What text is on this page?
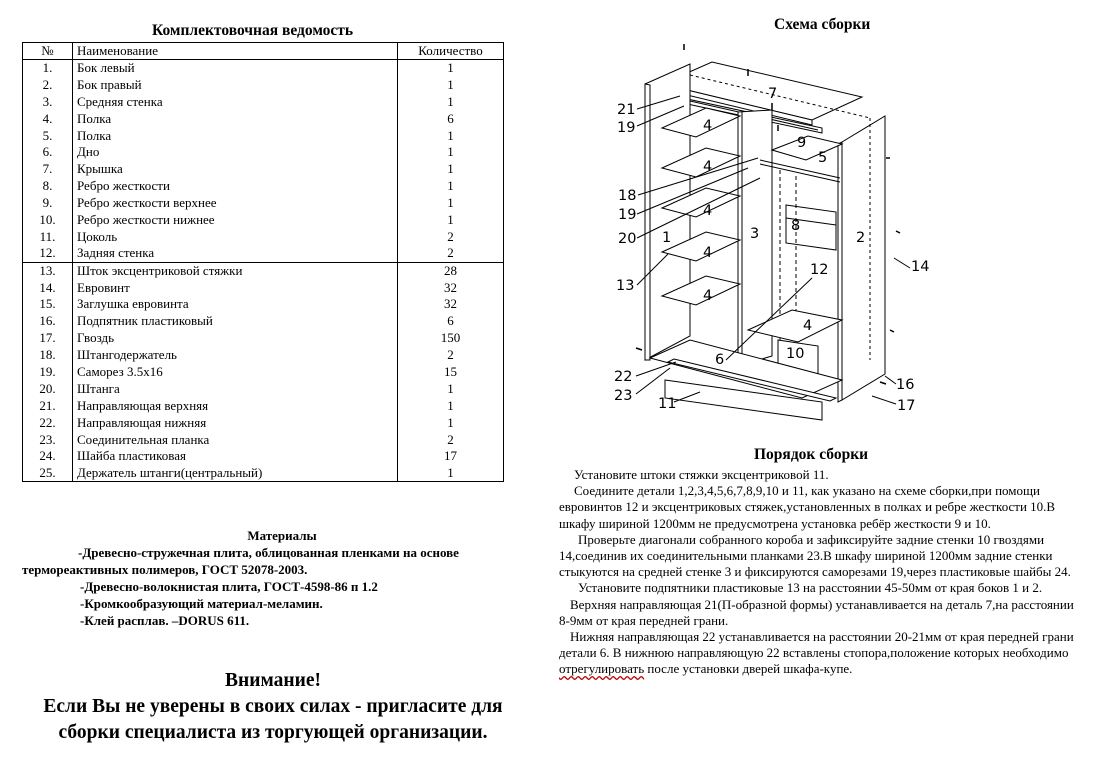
Комплектовочная ведомость
№	Наименование	Количество
1.	Бок левый	1
2.	Бок правый	1
3.	Средняя стенка	1
4.	Полка	6
5.	Полка	1
6.	Дно	1
7.	Крышка	1
8.	Ребро жесткости	1
9.	Ребро жесткости верхнее	1
10.	Ребро жесткости нижнее	1
11.	Цоколь	2
12.	Задняя стенка	2
13.	Шток эксцентриковой стяжки	28
14.	Евровинт	32
15.	Заглушка евровинта	32
16.	Подпятник пластиковый	6
17.	Гвоздь	150
18.	Штангодержатель	2
19.	Саморез 3.5х16	15
20.	Штанга	1
21.	Направляющая верхняя	1
22.	Направляющая нижняя	1
23.	Соединительная планка	2
24.	Шайба пластиковая	17
25.	Держатель штанги(центральный)	1
Материалы
-Древесно-стружечная плита, облицованная пленками на основе
термореактивных полимеров, ГОСТ 52078-2003.
-Древесно-волокнистая плита, ГОСТ-4598-86 п 1.2
-Кромкообразующий материал-меламин.
-Клей расплав. –DORUS 611.
Внимание!
Если Вы не уверены в своих силах - пригласите для
сборки специалиста из торгующей организации.
Схема сборки
21
19
18
19
20
13
22
23 11
14
16
17
7
9
5
1	3 8
2
12
6	10
4
4
4
4
4
4
Порядок сборки

Установите штоки стяжки эксцентриковой 11.

Соедините детали 1,2,3,4,5,6,7,8,9,10 и 11, как указано на схеме сборки,при помощи евровинтов 12 и эксцентриковых стяжек,установленных в полках и ребре жесткости 10.В шкафу шириной 1200мм не предусмотрена установка ребёр жесткости 9 и 10.

Проверьте диагонали собранного короба и зафиксируйте задние стенки 10 гвоздями 14,соединив их соединительными планками 23.В шкафу шириной 1200мм задние стенки стыкуются на средней стенке 3 и фиксируются саморезами 19,через пластиковые шайбы 24.

Установите подпятники пластиковые 13 на расстоянии 45-50мм от края боков 1 и 2.

Верхняя направляющая 21(П-образной формы) устанавливается на деталь 7,на расстоянии 8-9мм от края передней грани.

Нижняя направляющая 22 устанавливается на расстоянии 20-21мм от края передней грани детали 6. В нижнюю направляющую 22 вставлены стопора,положение которых необходимо отрегулировать после установки дверей шкафа-купе.
